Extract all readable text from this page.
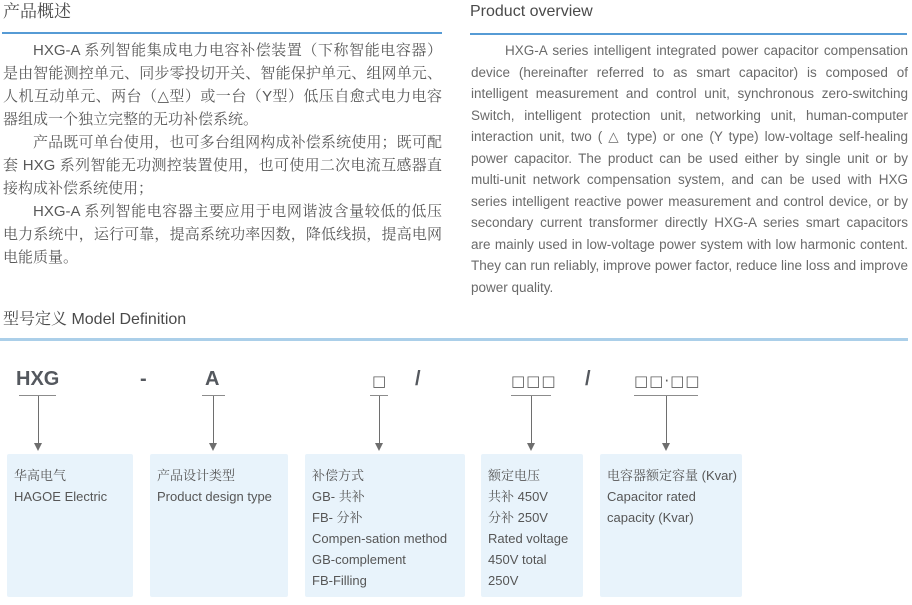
产品概述

HXG-A 系列智能集成电力电容补偿装置（下称智能电容器）是由智能测控单元、同步零投切开关、智能保护单元、组网单元、人机互动单元、两台（△型）或一台（Y型）低压自愈式电力电容器组成一个独立完整的无功补偿系统。

产品既可单台使用，也可多台组网构成补偿系统使用；既可配套 HXG 系列智能无功测控装置使用，也可使用二次电流互感器直接构成补偿系统使用；

HXG-A 系列智能电容器主要应用于电网谐波含量较低的低压电力系统中，运行可靠，提高系统功率因数，降低线损，提高电网电能质量。

Product overview

HXG-A series intelligent integrated power capacitor compensation device (hereinafter referred to as smart capacitor) is composed of intelligent measurement and control unit, synchronous zero-switching Switch, intelligent protection unit, networking unit, human-computer interaction unit, two ( △ type) or one (Y type) low-voltage self-healing power capacitor. The product can be used either by single unit or by multi-unit network compensation system, and can be used with HXG series intelligent reactive power measurement and control device, or by secondary current transformer directly HXG-A series smart capacitors are mainly used in low-voltage power system with low harmonic content. They can run reliably, improve power factor, reduce line loss and improve power quality.

型号定义 Model Definition
HXG	-	A	□ /	□□□ /	□□·□□
华高电气
HAGOE Electric
产品设计类型
Product design type
补偿方式
GB- 共补
FB- 分补
Compen-sation method
GB-complement
FB-Filling
额定电压
共补 450V
分补 250V
Rated voltage
450V total
250V
电容器额定容量 (Kvar)
Capacitor rated
capacity (Kvar)
